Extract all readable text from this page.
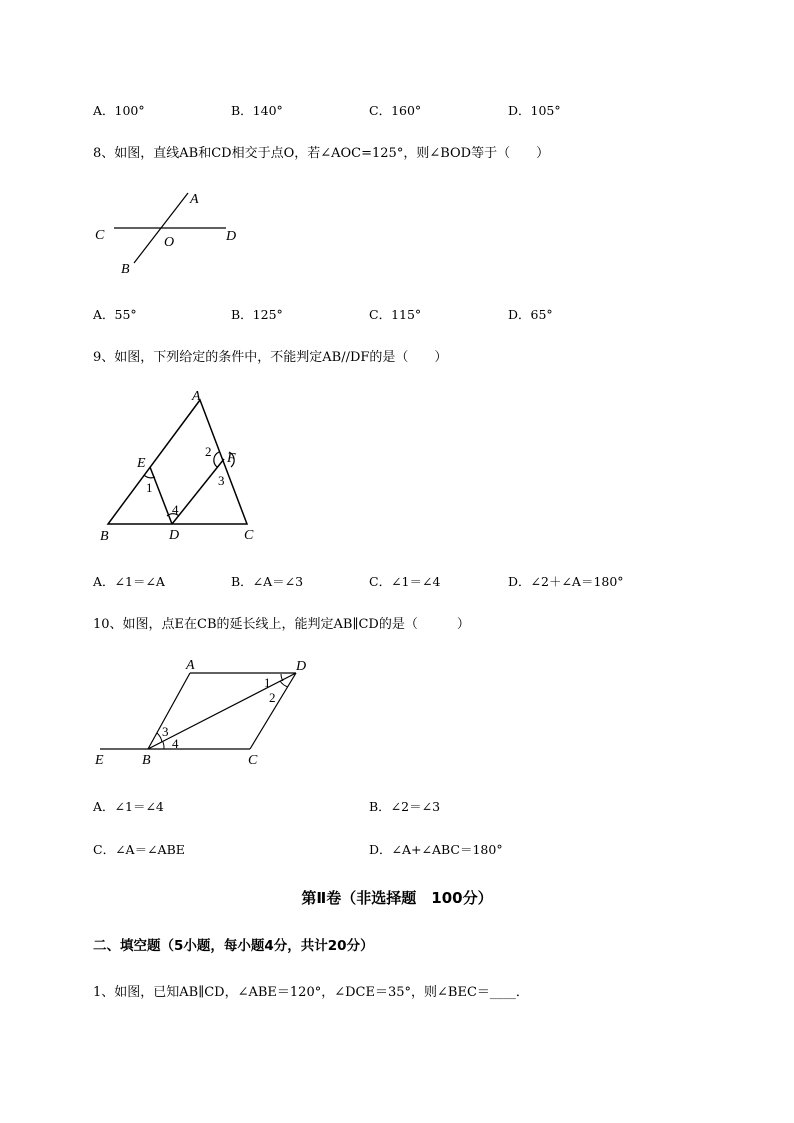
A．100°	B．140°	C．160°	D．105°
8、如图，直线AB和CD相交于点O，若∠AOC=125°，则∠BOD等于（　　）
A
C	D
O
B
A．55°	B．125°	C．115°	D．65°
9、如图，下列给定的条件中，不能判定AB//DF的是（　　）
A
E	F
B	D	C
1
2
3
4
A．∠1＝∠A	B．∠A＝∠3	C．∠1＝∠4	D．∠2＋∠A＝180°
10、如图，点E在CB的延长线上，能判定AB∥CD的是（　　　）
A	D
E	B	C
1
2
3
4
A．∠1＝∠4	B．∠2＝∠3
C．∠A＝∠ABE	D．∠A+∠ABC＝180°
第Ⅱ卷（非选择题　100分）
二、填空题（5小题，每小题4分，共计20分）
1、如图，已知AB∥CD，∠ABE＝120°，∠DCE＝35°，则∠BEC＝____．
